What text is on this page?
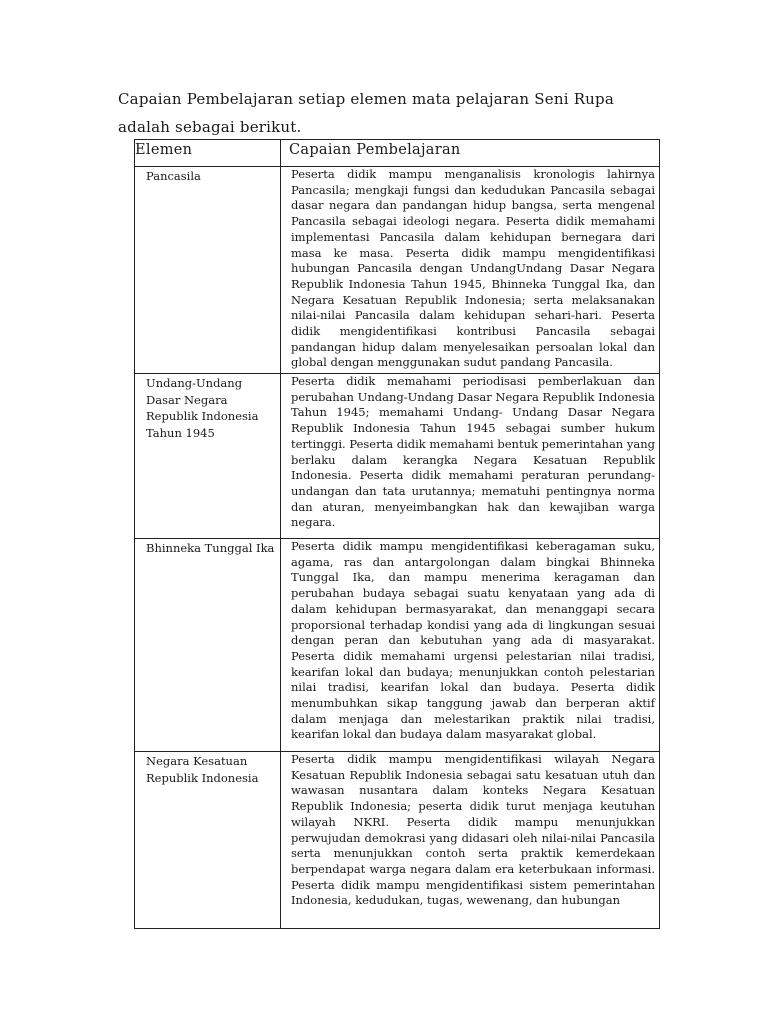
Capaian Pembelajaran setiap elemen mata pelajaran Seni Rupa
adalah sebagai berikut.
Elemen	Capaian Pembelajaran

Pancasila	Peserta didik mampu menganalisis kronologis lahirnya Pancasila; mengkaji fungsi dan kedudukan Pancasila sebagai dasar negara dan pandangan hidup bangsa, serta mengenal Pancasila sebagai ideologi negara. Peserta didik memahami implementasi Pancasila dalam kehidupan bernegara dari masa ke masa. Peserta didik mampu mengidentifikasi hubungan Pancasila dengan UndangUndang Dasar Negara Republik Indonesia Tahun 1945, Bhinneka Tunggal Ika, dan Negara Kesatuan Republik Indonesia; serta melaksanakan nilai-nilai Pancasila dalam kehidupan sehari-hari. Peserta didik mengidentifikasi kontribusi Pancasila sebagai pandangan hidup dalam menyelesaikan persoalan lokal dan global dengan menggunakan sudut pandang Pancasila.

Undang-Undang Dasar Negara Republik Indonesia Tahun 1945	Peserta didik memahami periodisasi pemberlakuan dan perubahan Undang-Undang Dasar Negara Republik Indonesia Tahun 1945; memahami Undang- Undang Dasar Negara Republik Indonesia Tahun 1945 sebagai sumber hukum tertinggi. Peserta didik memahami bentuk pemerintahan yang berlaku dalam kerangka Negara Kesatuan Republik Indonesia. Peserta didik memahami peraturan perundang- undangan dan tata urutannya; mematuhi pentingnya norma dan aturan, menyeimbangkan hak dan kewajiban warga negara.

Bhinneka Tunggal Ika	Peserta didik mampu mengidentifikasi keberagaman suku, agama, ras dan antargolongan dalam bingkai Bhinneka Tunggal Ika, dan mampu menerima keragaman dan perubahan budaya sebagai suatu kenyataan yang ada di dalam kehidupan bermasyarakat, dan menanggapi secara proporsional terhadap kondisi yang ada di lingkungan sesuai dengan peran dan kebutuhan yang ada di masyarakat. Peserta didik memahami urgensi pelestarian nilai tradisi, kearifan lokal dan budaya; menunjukkan contoh pelestarian nilai tradisi, kearifan lokal dan budaya. Peserta didik menumbuhkan sikap tanggung jawab dan berperan aktif dalam menjaga dan melestarikan praktik nilai tradisi, kearifan lokal dan budaya dalam masyarakat global.

Negara Kesatuan Republik Indonesia	Peserta didik mampu mengidentifikasi wilayah Negara Kesatuan Republik Indonesia sebagai satu kesatuan utuh dan wawasan nusantara dalam konteks Negara Kesatuan Republik Indonesia; peserta didik turut menjaga keutuhan wilayah NKRI. Peserta didik mampu menunjukkan perwujudan demokrasi yang didasari oleh nilai-nilai Pancasila serta menunjukkan contoh serta praktik kemerdekaan berpendapat warga negara dalam era keterbukaan informasi. Peserta didik mampu mengidentifikasi sistem pemerintahan Indonesia, kedudukan, tugas, wewenang, dan hubungan
